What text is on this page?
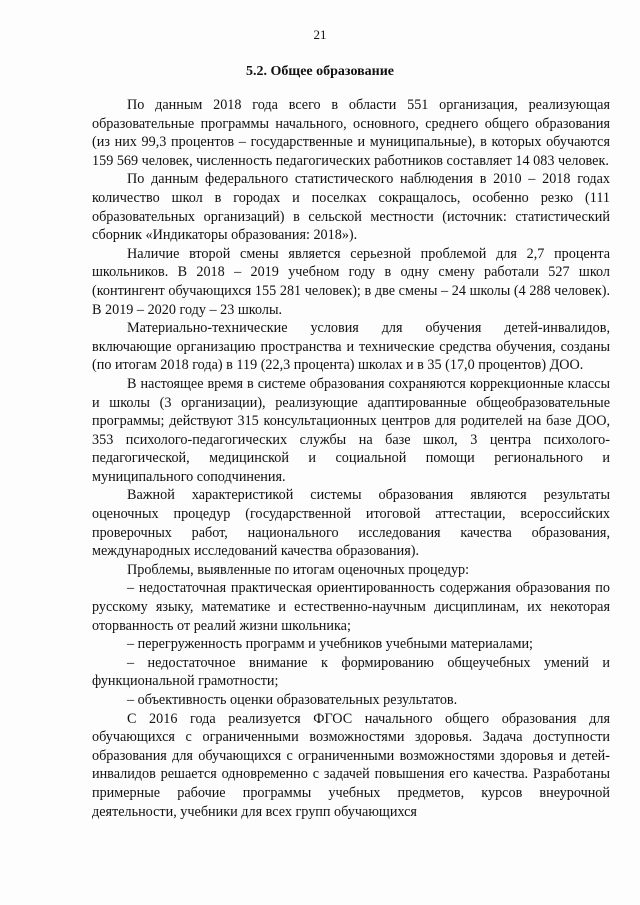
21
5.2. Общее образование

По данным 2018 года всего в области 551 организация, реализующая образовательные программы начального, основного, среднего общего образования (из них 99,3 процентов – государственные и муниципальные), в которых обучаются 159 569 человек, численность педагогических работников составляет 14 083 человек.

По данным федерального статистического наблюдения в 2010 – 2018 годах количество школ в городах и поселках сокращалось, особенно резко (111 образовательных организаций) в сельской местности (источник: статистический сборник «Индикаторы образования: 2018»).

Наличие второй смены является серьезной проблемой для 2,7 процента школьников. В 2018 – 2019 учебном году в одну смену работали 527 школ (контингент обучающихся 155 281 человек); в две смены – 24 школы (4 288 человек). В 2019 – 2020 году – 23 школы.

Материально-технические условия для обучения детей-инвалидов, включающие организацию пространства и технические средства обучения, созданы (по итогам 2018 года) в 119 (22,3 процента) школах и в 35 (17,0 процентов) ДОО.

В настоящее время в системе образования сохраняются коррекционные классы и школы (3 организации), реализующие адаптированные общеобразовательные программы; действуют 315 консультационных центров для родителей на базе ДОО, 353 психолого-педагогических службы на базе школ, 3 центра психолого-педагогической, медицинской и социальной помощи регионального и муниципального соподчинения.

Важной характеристикой системы образования являются результаты оценочных процедур (государственной итоговой аттестации, всероссийских проверочных работ, национального исследования качества образования, международных исследований качества образования).

Проблемы, выявленные по итогам оценочных процедур:

– недостаточная практическая ориентированность содержания образования по русскому языку, математике и естественно-научным дисциплинам, их некоторая оторванность от реалий жизни школьника;

– перегруженность программ и учебников учебными материалами;

– недостаточное внимание к формированию общеучебных умений и функциональной грамотности;

– объективность оценки образовательных результатов.

С 2016 года реализуется ФГОС начального общего образования для обучающихся с ограниченными возможностями здоровья. Задача доступности образования для обучающихся с ограниченными возможностями здоровья и детей-инвалидов решается одновременно с задачей повышения его качества. Разработаны примерные рабочие программы учебных предметов, курсов внеурочной деятельности, учебники для всех групп обучающихся
